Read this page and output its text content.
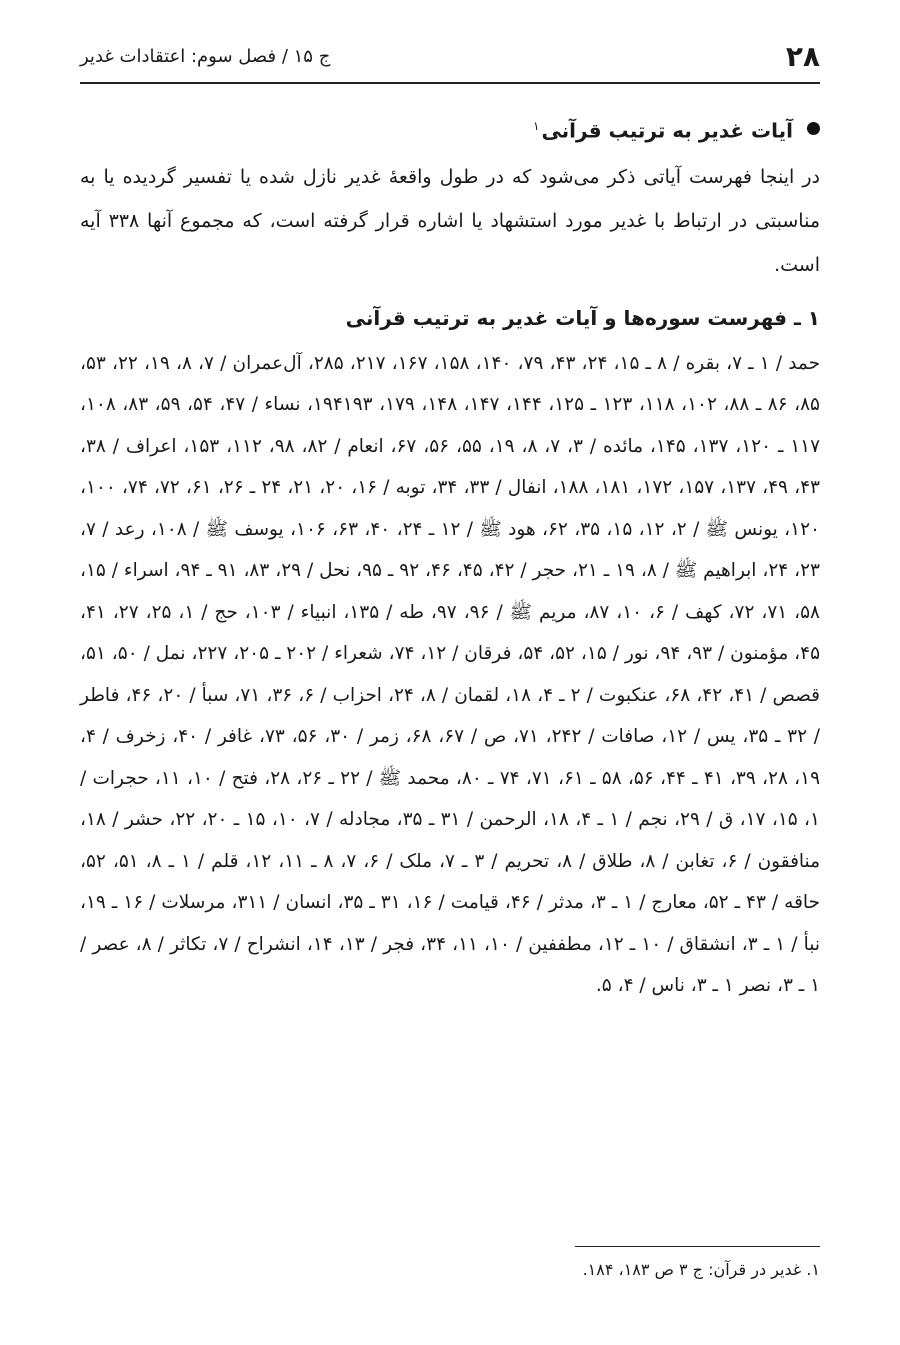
۲۸
ج ۱۵ / فصل سوم: اعتقادات غدیر
آیات غدیر به ترتیب قرآنی$^۱$

در اینجا فهرست آیاتی ذکر می‌شود که در طول واقعۀ غدیر نازل شده یا تفسیر گردیده یا به مناسبتی در ارتباط با غدیر مورد استشهاد یا اشاره قرار گرفته است، که مجموع آنها ۳۳۸ آیه است.

۱ ـ فهرست سوره‌ها و آیات غدیر به ترتیب قرآنی

حمد / ۱ ـ ۷، بقره / ۸ ـ ۱۵، ۲۴، ۴۳، ۷۹، ۱۴۰، ۱۵۸، ۱۶۷، ۲۱۷، ۲۸۵، آل‌عمران / ۷، ۸، ۱۹، ۲۲، ۵۳، ۸۵، ۸۶ ـ ۸۸، ۱۰۲، ۱۱۸، ۱۲۳ ـ ۱۲۵، ۱۴۴، ۱۴۷، ۱۴۸، ۱۷۹، ۱۹۴۱۹۳، نساء / ۴۷، ۵۴، ۵۹، ۸۳، ۱۰۸، ۱۱۷ ـ ۱۲۰، ۱۳۷، ۱۴۵، مائده / ۳، ۷، ۸، ۱۹، ۵۵، ۵۶، ۶۷، انعام / ۸۲، ۹۸، ۱۱۲، ۱۵۳، اعراف / ۳۸، ۴۳، ۴۹، ۱۳۷، ۱۵۷، ۱۷۲، ۱۸۱، ۱۸۸، انفال / ۳۳، ۳۴، توبه / ۱۶، ۲۰، ۲۱، ۲۴ ـ ۲۶، ۶۱، ۷۲، ۷۴، ۱۰۰، ۱۲۰، یونس ﷺ / ۲، ۱۲، ۱۵، ۳۵، ۶۲، هود ﷺ / ۱۲ ـ ۲۴، ۴۰، ۶۳، ۱۰۶، یوسف ﷺ / ۱۰۸، رعد / ۷، ۲۳، ۲۴، ابراهیم ﷺ / ۸، ۱۹ ـ ۲۱، حجر / ۴۲، ۴۵، ۴۶، ۹۲ ـ ۹۵، نحل / ۲۹، ۸۳، ۹۱ ـ ۹۴، اسراء / ۱۵، ۵۸، ۷۱، ۷۲، کهف / ۶، ۱۰، ۸۷، مریم ﷺ / ۹۶، ۹۷، طه / ۱۳۵، انبیاء / ۱۰۳، حج / ۱، ۲۵، ۲۷، ۴۱، ۴۵، مؤمنون / ۹۳، ۹۴، نور / ۱۵، ۵۲، ۵۴، فرقان / ۱۲، ۷۴، شعراء / ۲۰۲ ـ ۲۰۵، ۲۲۷، نمل / ۵۰، ۵۱، قصص / ۴۱، ۴۲، ۶۸، عنکبوت / ۲ ـ ۴، ۱۸، لقمان / ۸، ۲۴، احزاب / ۶، ۳۶، ۷۱، سبأ / ۲۰، ۴۶، فاطر / ۳۲ ـ ۳۵، یس / ۱۲، صافات / ۲۴۲، ۷۱، ص / ۶۷، ۶۸، زمر / ۳۰، ۵۶، ۷۳، غافر / ۴۰، زخرف / ۴، ۱۹، ۲۸، ۳۹، ۴۱ ـ ۴۴، ۵۶، ۵۸ ـ ۶۱، ۷۱، ۷۴ ـ ۸۰، محمد ﷺ / ۲۲ ـ ۲۶، ۲۸، فتح / ۱۰، ۱۱، حجرات / ۱، ۱۵، ۱۷، ق / ۲۹، نجم / ۱ ـ ۴، ۱۸، الرحمن / ۳۱ ـ ۳۵، مجادله / ۷، ۱۰، ۱۵ ـ ۲۰، ۲۲، حشر / ۱۸، منافقون / ۶، تغابن / ۸، طلاق / ۸، تحریم / ۳ ـ ۷، ملک / ۶، ۷، ۸ ـ ۱۱، ۱۲، قلم / ۱ ـ ۸، ۵۱، ۵۲، حاقه / ۴۳ ـ ۵۲، معارج / ۱ ـ ۳، مدثر / ۴۶، قیامت / ۱۶، ۳۱ ـ ۳۵، انسان / ۳۱۱، مرسلات / ۱۶ ـ ۱۹، نبأ / ۱ ـ ۳، انشقاق / ۱۰ ـ ۱۲، مطففین / ۱۰، ۱۱، ۳۴، فجر / ۱۳، ۱۴، انشراح / ۷، تکاثر / ۸، عصر / ۱ ـ ۳، نصر ۱ ـ ۳، ناس / ۴، ۵.

۱. غدیر در قرآن: ج ۳ ص ۱۸۳، ۱۸۴.
